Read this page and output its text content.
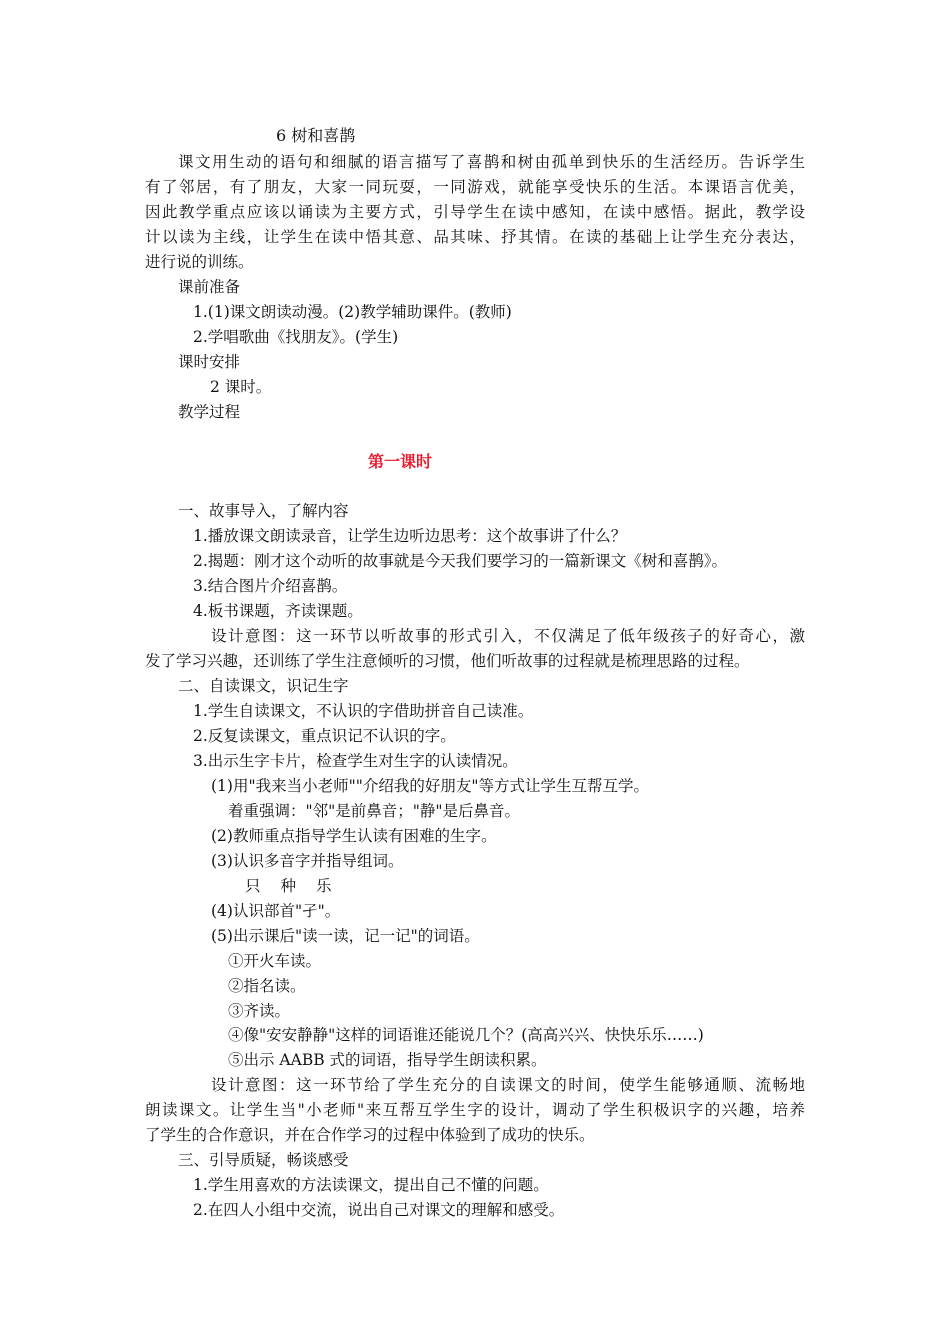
6 树和喜鹊
课文用生动的语句和细腻的语言描写了喜鹊和树由孤单到快乐的生活经历。告诉学生
有了邻居，有了朋友，大家一同玩耍，一同游戏，就能享受快乐的生活。本课语言优美，
因此教学重点应该以诵读为主要方式，引导学生在读中感知，在读中感悟。据此，教学设
计以读为主线，让学生在读中悟其意、品其味、抒其情。在读的基础上让学生充分表达，
进行说的训练。
课前准备
1.(1)课文朗读动漫。(2)教学辅助课件。(教师)
2.学唱歌曲《找朋友》。(学生)
课时安排
2 课时。
教学过程
第一课时
一、故事导入，了解内容
1.播放课文朗读录音，让学生边听边思考：这个故事讲了什么？
2.揭题：刚才这个动听的故事就是今天我们要学习的一篇新课文《树和喜鹊》。
3.结合图片介绍喜鹊。
4.板书课题，齐读课题。
设计意图：这一环节以听故事的形式引入，不仅满足了低年级孩子的好奇心，激
发了学习兴趣，还训练了学生注意倾听的习惯，他们听故事的过程就是梳理思路的过程。
二、自读课文，识记生字
1.学生自读课文，不认识的字借助拼音自己读准。
2.反复读课文，重点识记不认识的字。
3.出示生字卡片，检查学生对生字的认读情况。
(1)用"我来当小老师""介绍我的好朋友"等方式让学生互帮互学。
着重强调："邻"是前鼻音；"静"是后鼻音。
(2)教师重点指导学生认读有困难的生字。
(3)认识多音字并指导组词。
只 种 乐
(4)认识部首"孑"。
(5)出示课后"读一读，记一记"的词语。
①开火车读。
②指名读。
③齐读。
④像"安安静静"这样的词语谁还能说几个？(高高兴兴、快快乐乐……)
⑤出示 AABB 式的词语，指导学生朗读积累。
设计意图：这一环节给了学生充分的自读课文的时间，使学生能够通顺、流畅地
朗读课文。让学生当"小老师"来互帮互学生字的设计，调动了学生积极识字的兴趣，培养
了学生的合作意识，并在合作学习的过程中体验到了成功的快乐。
三、引导质疑，畅谈感受
1.学生用喜欢的方法读课文，提出自己不懂的问题。
2.在四人小组中交流，说出自己对课文的理解和感受。
